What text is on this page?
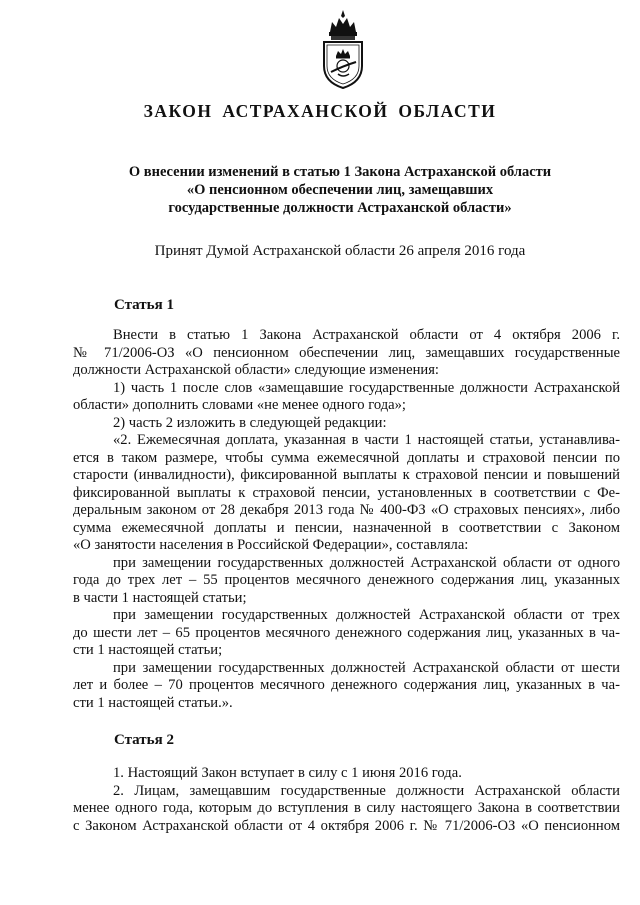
ЗАКОН АСТРАХАНСКОЙ ОБЛАСТИ
О внесении изменений в статью 1 Закона Астраханской области
«О пенсионном обеспечении лиц, замещавших
государственные должности Астраханской области»
Принят Думой Астраханской области 26 апреля 2016 года
Статья 1

Внести в статью 1 Закона Астраханской области от 4 октября 2006 г.

№ 71/2006-ОЗ «О пенсионном обеспечении лиц, замещавших государственные

должности Астраханской области» следующие изменения:

1) часть 1 после слов «замещавшие государственные должности Астраханской

области» дополнить словами «не менее одного года»;

2) часть 2 изложить в следующей редакции:

«2. Ежемесячная доплата, указанная в части 1 настоящей статьи, устанавлива-

ется в таком размере, чтобы сумма ежемесячной доплаты и страховой пенсии по

старости (инвалидности), фиксированной выплаты к страховой пенсии и повышений

фиксированной выплаты к страховой пенсии, установленных в соответствии с Фе-

деральным законом от 28 декабря 2013 года № 400-ФЗ «О страховых пенсиях», либо

сумма ежемесячной доплаты и пенсии, назначенной в соответствии с Законом

«О занятости населения в Российской Федерации», составляла:

при замещении государственных должностей Астраханской области от одного

года до трех лет – 55 процентов месячного денежного содержания лиц, указанных

в части 1 настоящей статьи;

при замещении государственных должностей Астраханской области от трех

до шести лет – 65 процентов месячного денежного содержания лиц, указанных в ча-

сти 1 настоящей статьи;

при замещении государственных должностей Астраханской области от шести

лет и более – 70 процентов месячного денежного содержания лиц, указанных в ча-

сти 1 настоящей статьи.».

Статья 2

1. Настоящий Закон вступает в силу с 1 июня 2016 года.

2. Лицам, замещавшим государственные должности Астраханской области

менее одного года, которым до вступления в силу настоящего Закона в соответствии

с Законом Астраханской области от 4 октября 2006 г. № 71/2006-ОЗ «О пенсионном
